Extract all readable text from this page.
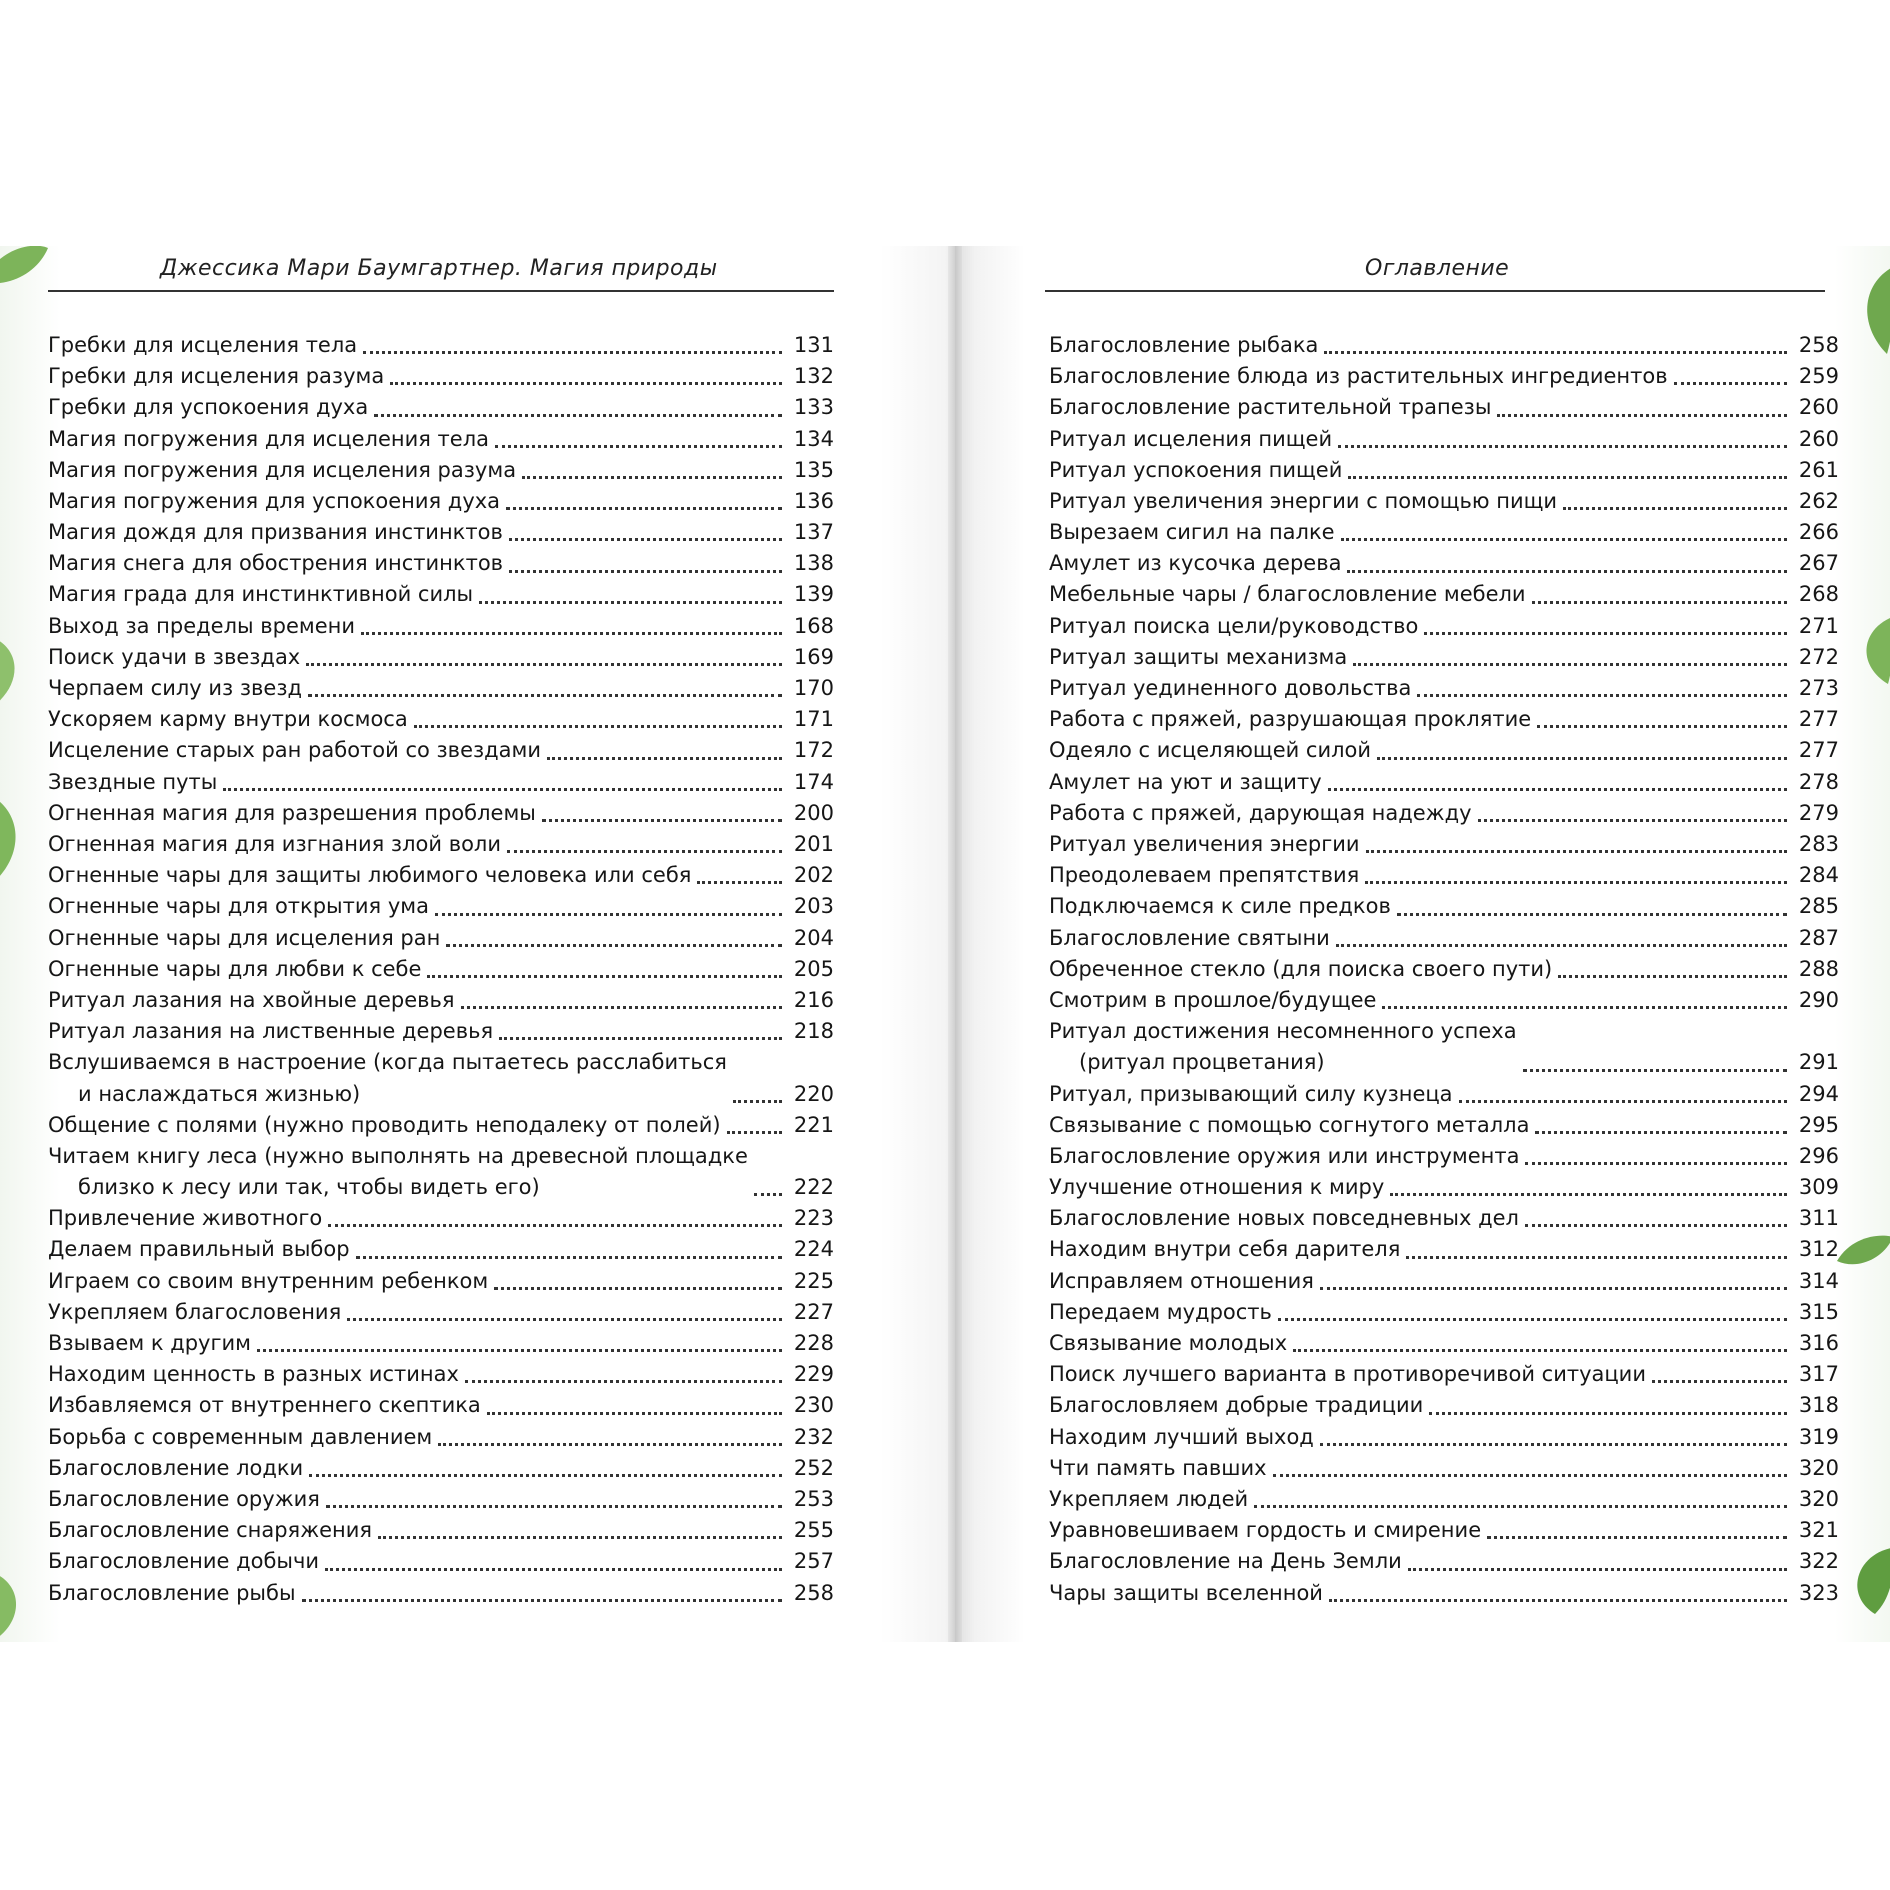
Джессика Мари Баумгартнер. Магия природы
Гребки для исцеления тела	131
Гребки для исцеления разума	132
Гребки для успокоения духа	133
Магия погружения для исцеления тела	134
Магия погружения для исцеления разума	135
Магия погружения для успокоения духа	136
Магия дождя для призвания инстинктов	137
Магия снега для обострения инстинктов	138
Магия града для инстинктивной силы	139
Выход за пределы времени	168
Поиск удачи в звездах	169
Черпаем силу из звезд	170
Ускоряем карму внутри космоса	171
Исцеление старых ран работой со звездами	172
Звездные путы	174
Огненная магия для разрешения проблемы	200
Огненная магия для изгнания злой воли	201
Огненные чары для защиты любимого человека или себя	202
Огненные чары для открытия ума	203
Огненные чары для исцеления ран	204
Огненные чары для любви к себе	205
Ритуал лазания на хвойные деревья	216
Ритуал лазания на лиственные деревья	218
Вслушиваемся в настроение (когда пытаетесь расслабиться
и наслаждаться жизнью)	220
Общение с полями (нужно проводить неподалеку от полей)	221
Читаем книгу леса (нужно выполнять на древесной площадке
близко к лесу или так, чтобы видеть его)	222
Привлечение животного	223
Делаем правильный выбор	224
Играем со своим внутренним ребенком	225
Укрепляем благословения	227
Взываем к другим	228
Находим ценность в разных истинах	229
Избавляемся от внутреннего скептика	230
Борьба с современным давлением	232
Благословление лодки	252
Благословление оружия	253
Благословление снаряжения	255
Благословление добычи	257
Благословление рыбы	258
Оглавление
Благословление рыбака	258
Благословление блюда из растительных ингредиентов	259
Благословление растительной трапезы	260
Ритуал исцеления пищей	260
Ритуал успокоения пищей	261
Ритуал увеличения энергии с помощью пищи	262
Вырезаем сигил на палке	266
Амулет из кусочка дерева	267
Мебельные чары / благословление мебели	268
Ритуал поиска цели/руководство	271
Ритуал защиты механизма	272
Ритуал уединенного довольства	273
Работа с пряжей, разрушающая проклятие	277
Одеяло с исцеляющей силой	277
Амулет на уют и защиту	278
Работа с пряжей, дарующая надежду	279
Ритуал увеличения энергии	283
Преодолеваем препятствия	284
Подключаемся к силе предков	285
Благословление святыни	287
Обреченное стекло (для поиска своего пути)	288
Смотрим в прошлое/будущее	290
Ритуал достижения несомненного успеха
(ритуал процветания)	291
Ритуал, призывающий силу кузнеца	294
Связывание с помощью согнутого металла	295
Благословление оружия или инструмента	296
Улучшение отношения к миру	309
Благословление новых повседневных дел	311
Находим внутри себя дарителя	312
Исправляем отношения	314
Передаем мудрость	315
Связывание молодых	316
Поиск лучшего варианта в противоречивой ситуации	317
Благословляем добрые традиции	318
Находим лучший выход	319
Чти память павших	320
Укрепляем людей	320
Уравновешиваем гордость и смирение	321
Благословление на День Земли	322
Чары защиты вселенной	323
